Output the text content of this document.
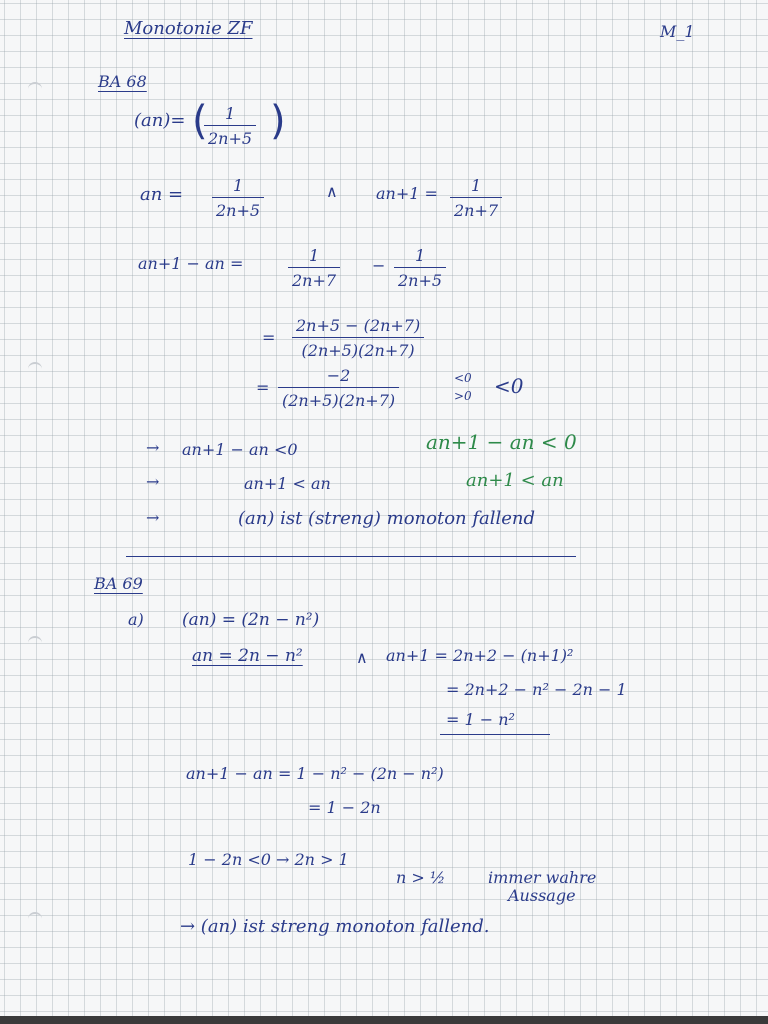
Monotonie ZF	M_1
BA 68
(an)= ( 1
2n+5 )
an =	1
2n+5
∧ an+1 = 1
2n+7
an+1 − an =	1
2n+7
−
1
2n+5
=
2n+5 − (2n+7)
(2n+5)(2n+7)
=
−2
(2n+5)(2n+7)
<0
>0 <0
→ an+1 − an <0
→	an+1 < an
→	(an) ist (streng) monoton fallend
an+1 − an < 0
an+1 < an
BA 69
a) (an) = (2n − n²)
an = 2n − n²	∧ an+1 = 2n+2 − (n+1)²
= 2n+2 − n² − 2n − 1
= 1 − n²
an+1 − an = 1 − n² − (2n − n²)
= 1 − 2n
1 − 2n <0 → 2n > 1
n > ½	immer wahre
Aussage
→ (an) ist streng monoton fallend.
